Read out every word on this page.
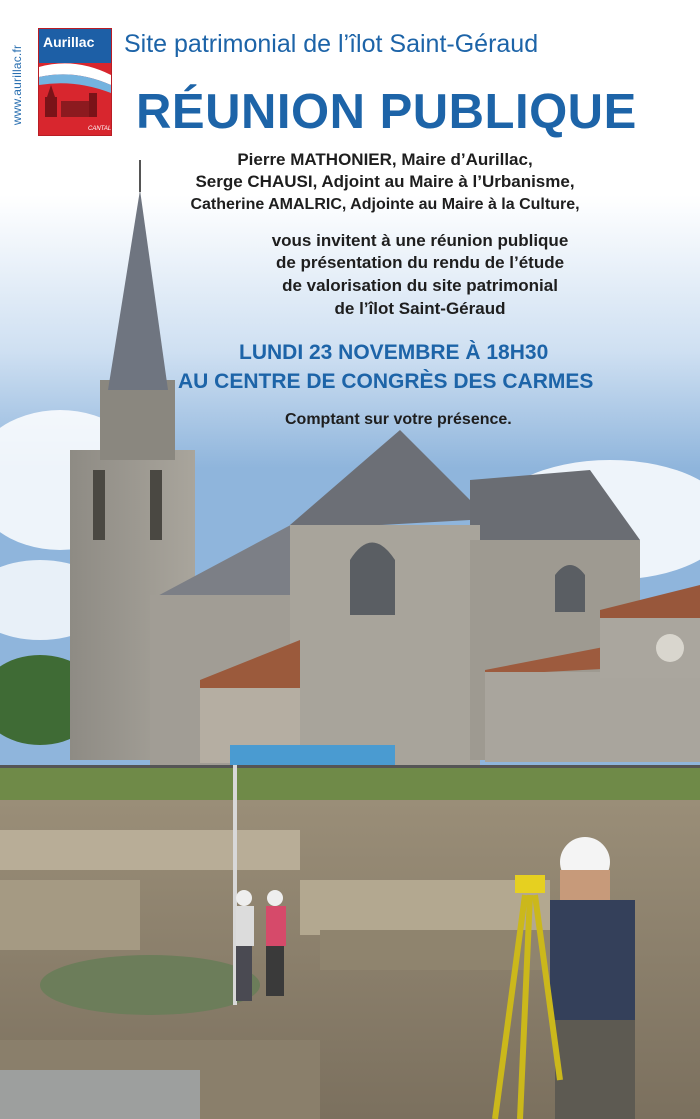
www.aurillac.fr
Aurillac
CANTAL
Site patrimonial de l’îlot Saint-Géraud
RÉUNION PUBLIQUE
Pierre MATHONIER, Maire d’Aurillac,
Serge CHAUSI, Adjoint au Maire à l’Urbanisme,
Catherine AMALRIC, Adjointe au Maire à la Culture,
vous invitent à une réunion publique
de présentation du rendu de l’étude
de valorisation du site patrimonial
de l’îlot Saint-Géraud
LUNDI 23 NOVEMBRE À 18H30
AU CENTRE DE CONGRÈS DES CARMES
Comptant sur votre présence.
